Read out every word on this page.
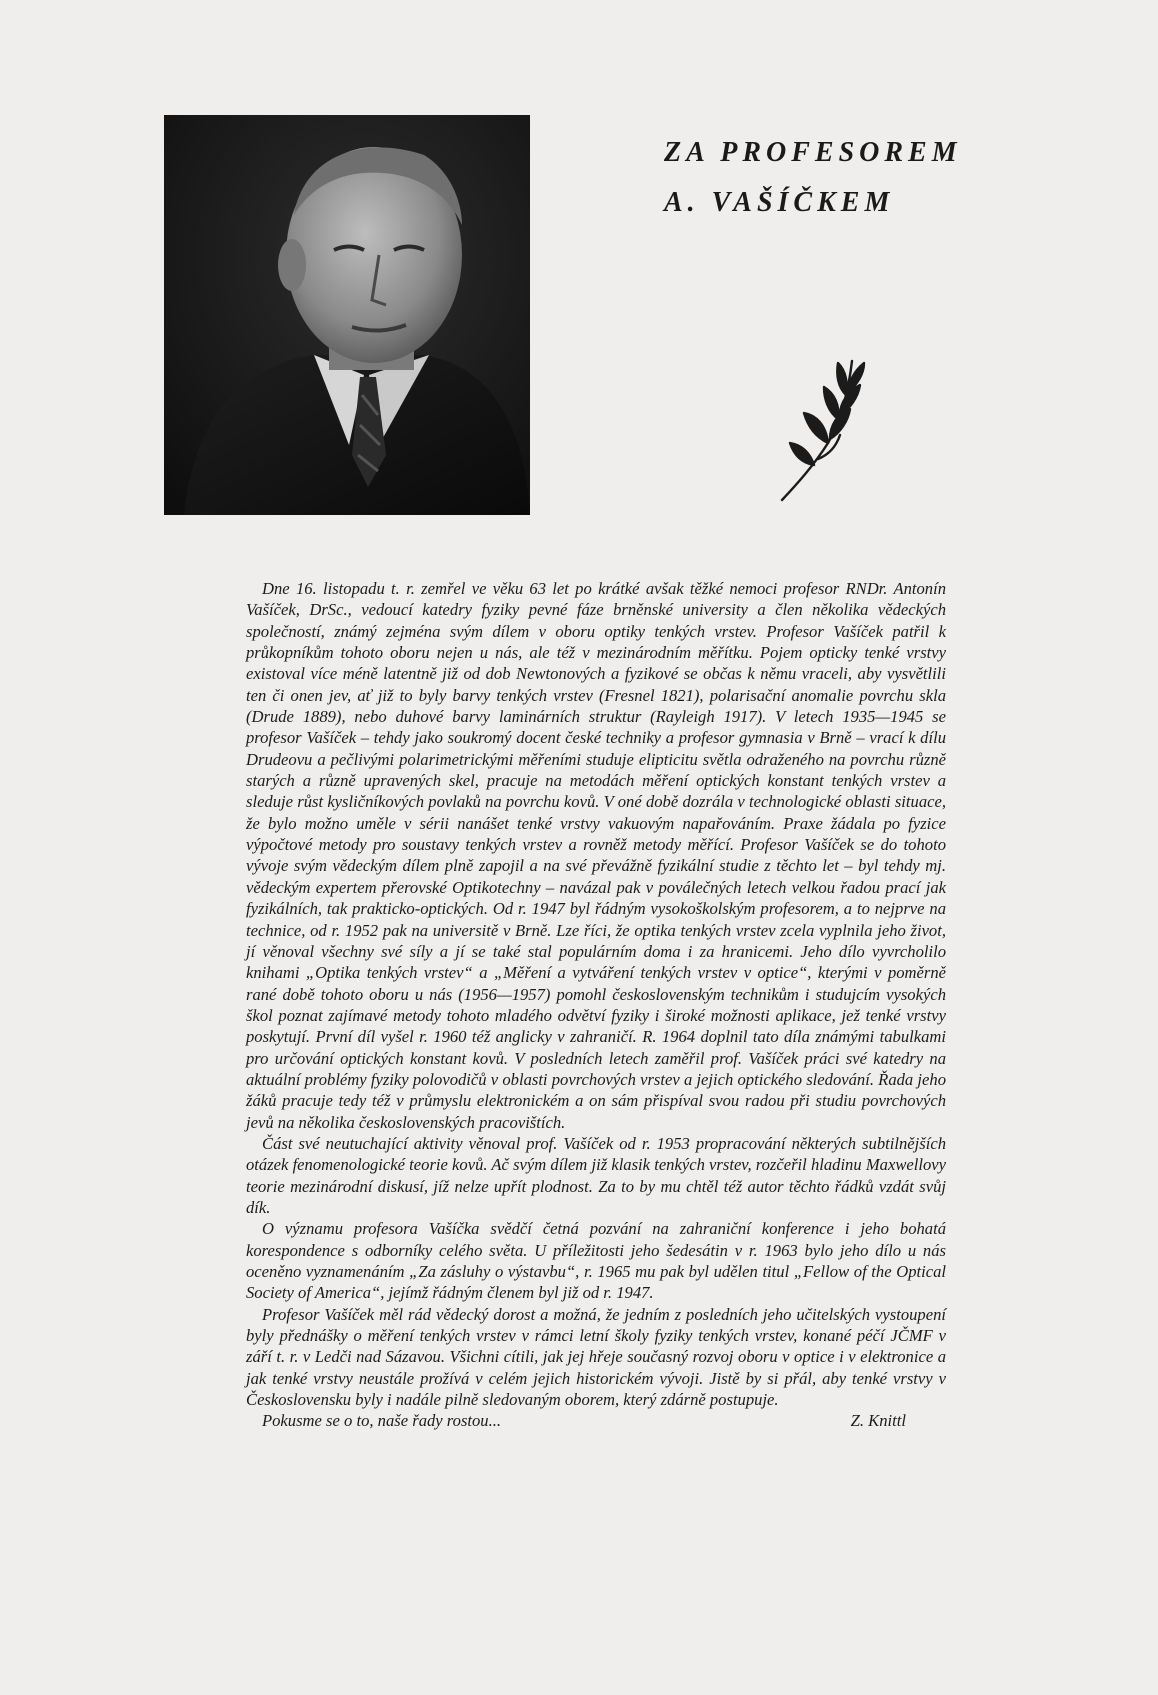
ZA PROFESOREM
A. VAŠÍČKEM

Dne 16. listopadu t. r. zemřel ve věku 63 let po krátké avšak těžké nemoci profesor RNDr. Antonín Vašíček, DrSc., vedoucí katedry fyziky pevné fáze brněnské university a člen několika vědeckých společností, známý zejména svým dílem v oboru optiky tenkých vrstev. Profesor Vašíček patřil k průkopníkům tohoto oboru nejen u nás, ale též v mezinárodním měřítku. Pojem opticky tenké vrstvy existoval více méně latentně již od dob Newtonových a fyzikové se občas k němu vraceli, aby vysvětlili ten či onen jev, ať již to byly barvy tenkých vrstev (Fresnel 1821), polarisační anomalie povrchu skla (Drude 1889), nebo duhové barvy laminárních struktur (Rayleigh 1917). V letech 1935—1945 se profesor Vašíček – tehdy jako soukromý docent české techniky a profesor gymnasia v Brně – vrací k dílu Drudeovu a pečlivými polarimetrickými měřeními studuje elipticitu světla odraženého na povrchu různě starých a různě upravených skel, pracuje na metodách měření optických konstant tenkých vrstev a sleduje růst kysličníkových povlaků na povrchu kovů. V oné době dozrála v technologické oblasti situace, že bylo možno uměle v sérii nanášet tenké vrstvy vakuovým napařováním. Praxe žádala po fyzice výpočtové metody pro soustavy tenkých vrstev a rovněž metody měřící. Profesor Vašíček se do tohoto vývoje svým vědeckým dílem plně zapojil a na své převážně fyzikální studie z těchto let – byl tehdy mj. vědeckým expertem přerovské Optikotechny – navázal pak v poválečných letech velkou řadou prací jak fyzikálních, tak prakticko-optických. Od r. 1947 byl řádným vysokoškolským profesorem, a to nejprve na technice, od r. 1952 pak na universitě v Brně. Lze říci, že optika tenkých vrstev zcela vyplnila jeho život, jí věnoval všechny své síly a jí se také stal populárním doma i za hranicemi. Jeho dílo vyvrcholilo knihami „Optika tenkých vrstev“ a „Měření a vytváření tenkých vrstev v optice“, kterými v poměrně rané době tohoto oboru u nás (1956—1957) pomohl československým technikům i studujcím vysokých škol poznat zajímavé metody tohoto mladého odvětví fyziky i široké možnosti aplikace, jež tenké vrstvy poskytují. První díl vyšel r. 1960 též anglicky v zahraničí. R. 1964 doplnil tato díla známými tabulkami pro určování optických konstant kovů. V posledních letech zaměřil prof. Vašíček práci své katedry na aktuální problémy fyziky polovodičů v oblasti povrchových vrstev a jejich optického sledování. Řada jeho žáků pracuje tedy též v průmyslu elektronickém a on sám přispíval svou radou při studiu povrchových jevů na několika československých pracovištích.

Část své neutuchající aktivity věnoval prof. Vašíček od r. 1953 propracování některých subtilnějších otázek fenomenologické teorie kovů. Ač svým dílem již klasik tenkých vrstev, rozčeřil hladinu Maxwellovy teorie mezinárodní diskusí, jíž nelze upřít plodnost. Za to by mu chtěl též autor těchto řádků vzdát svůj dík.

O významu profesora Vašíčka svědčí četná pozvání na zahraniční konference i jeho bohatá korespondence s odborníky celého světa. U příležitosti jeho šedesátin v r. 1963 bylo jeho dílo u nás oceněno vyznamenáním „Za zásluhy o výstavbu“, r. 1965 mu pak byl udělen titul „Fellow of the Optical Society of America“, jejímž řádným členem byl již od r. 1947.

Profesor Vašíček měl rád vědecký dorost a možná, že jedním z posledních jeho učitelských vystoupení byly přednášky o měření tenkých vrstev v rámci letní školy fyziky tenkých vrstev, konané péčí JČMF v září t. r. v Ledči nad Sázavou. Všichni cítili, jak jej hřeje současný rozvoj oboru v optice i v elektronice a jak tenké vrstvy neustále prožívá v celém jejich historickém vývoji. Jistě by si přál, aby tenké vrstvy v Československu byly i nadále pilně sledovaným oborem, který zdárně postupuje.

Pokusme se o to, naše řady rostou...	Z. Knittl
